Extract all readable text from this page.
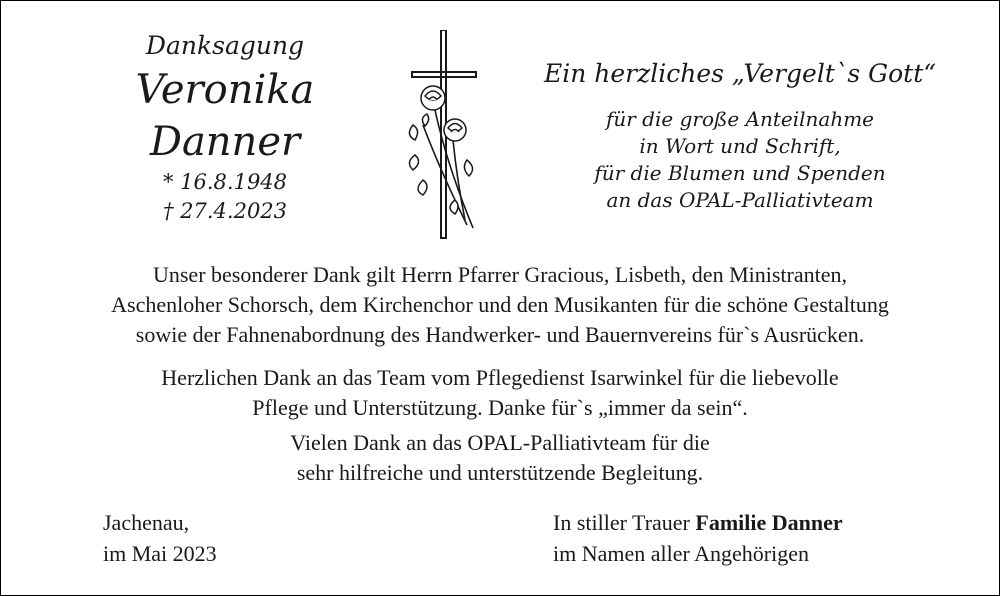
Danksagung
Veronika
Danner
* 16.8.1948
† 27.4.2023
Ein herzliches „Vergelt`s Gott“
für die große Anteilnahme
in Wort und Schrift,
für die Blumen und Spenden
an das OPAL-Palliativteam
Unser besonderer Dank gilt Herrn Pfarrer Gracious, Lisbeth, den Ministranten,
Aschenloher Schorsch, dem Kirchenchor und den Musikanten für die schöne Gestaltung
sowie der Fahnenabordnung des Handwerker- und Bauernvereins für`s Ausrücken.
Herzlichen Dank an das Team vom Pflegedienst Isarwinkel für die liebevolle
Pflege und Unterstützung. Danke für`s „immer da sein“.
Vielen Dank an das OPAL-Palliativteam für die
sehr hilfreiche und unterstützende Begleitung.
Jachenau,
im Mai 2023
In stiller Trauer Familie Danner
im Namen aller Angehörigen
